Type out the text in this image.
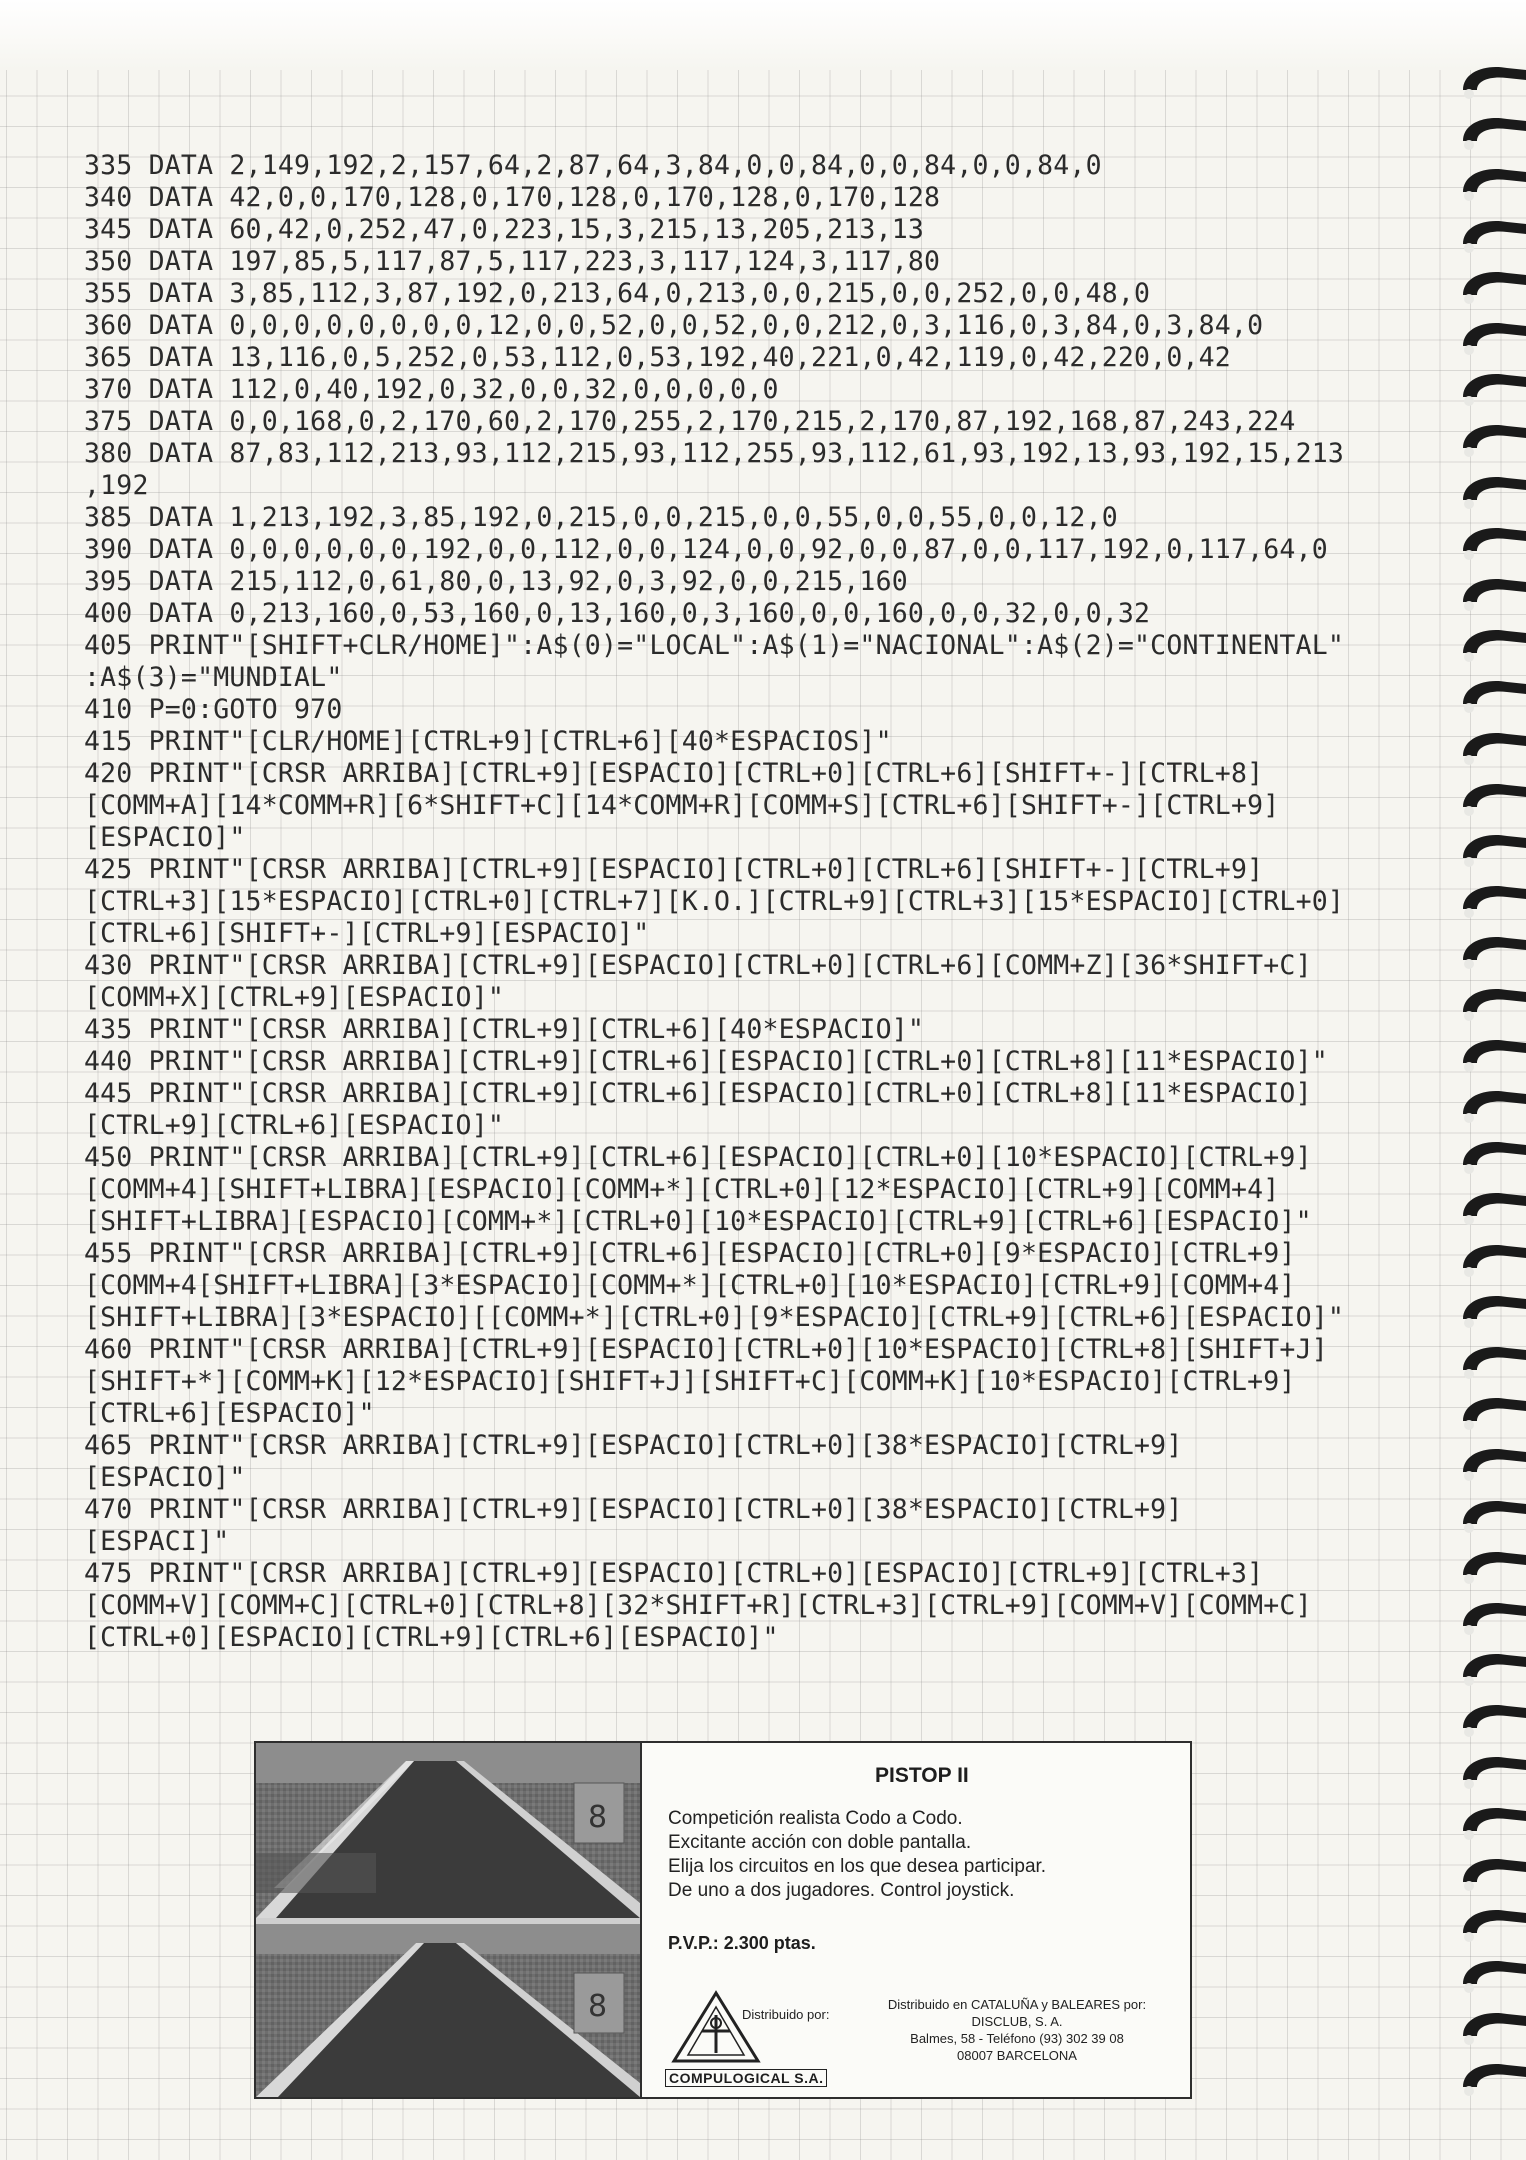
335 DATA 2,149,192,2,157,64,2,87,64,3,84,0,0,84,0,0,84,0,0,84,0
340 DATA 42,0,0,170,128,0,170,128,0,170,128,0,170,128
345 DATA 60,42,0,252,47,0,223,15,3,215,13,205,213,13
350 DATA 197,85,5,117,87,5,117,223,3,117,124,3,117,80
355 DATA 3,85,112,3,87,192,0,213,64,0,213,0,0,215,0,0,252,0,0,48,0
360 DATA 0,0,0,0,0,0,0,0,12,0,0,52,0,0,52,0,0,212,0,3,116,0,3,84,0,3,84,0
365 DATA 13,116,0,5,252,0,53,112,0,53,192,40,221,0,42,119,0,42,220,0,42
370 DATA 112,0,40,192,0,32,0,0,32,0,0,0,0,0
375 DATA 0,0,168,0,2,170,60,2,170,255,2,170,215,2,170,87,192,168,87,243,224
380 DATA 87,83,112,213,93,112,215,93,112,255,93,112,61,93,192,13,93,192,15,213
,192
385 DATA 1,213,192,3,85,192,0,215,0,0,215,0,0,55,0,0,55,0,0,12,0
390 DATA 0,0,0,0,0,0,192,0,0,112,0,0,124,0,0,92,0,0,87,0,0,117,192,0,117,64,0
395 DATA 215,112,0,61,80,0,13,92,0,3,92,0,0,215,160
400 DATA 0,213,160,0,53,160,0,13,160,0,3,160,0,0,160,0,0,32,0,0,32
405 PRINT"[SHIFT+CLR/HOME]":A$(0)="LOCAL":A$(1)="NACIONAL":A$(2)="CONTINENTAL"
:A$(3)="MUNDIAL"
410 P=0:GOTO 970
415 PRINT"[CLR/HOME][CTRL+9][CTRL+6][40*ESPACIOS]"
420 PRINT"[CRSR ARRIBA][CTRL+9][ESPACIO][CTRL+0][CTRL+6][SHIFT+-][CTRL+8]
[COMM+A][14*COMM+R][6*SHIFT+C][14*COMM+R][COMM+S][CTRL+6][SHIFT+-][CTRL+9]
[ESPACIO]"
425 PRINT"[CRSR ARRIBA][CTRL+9][ESPACIO][CTRL+0][CTRL+6][SHIFT+-][CTRL+9]
[CTRL+3][15*ESPACIO][CTRL+0][CTRL+7][K.O.][CTRL+9][CTRL+3][15*ESPACIO][CTRL+0]
[CTRL+6][SHIFT+-][CTRL+9][ESPACIO]"
430 PRINT"[CRSR ARRIBA][CTRL+9][ESPACIO][CTRL+0][CTRL+6][COMM+Z][36*SHIFT+C]
[COMM+X][CTRL+9][ESPACIO]"
435 PRINT"[CRSR ARRIBA][CTRL+9][CTRL+6][40*ESPACIO]"
440 PRINT"[CRSR ARRIBA][CTRL+9][CTRL+6][ESPACIO][CTRL+0][CTRL+8][11*ESPACIO]"
445 PRINT"[CRSR ARRIBA][CTRL+9][CTRL+6][ESPACIO][CTRL+0][CTRL+8][11*ESPACIO]
[CTRL+9][CTRL+6][ESPACIO]"
450 PRINT"[CRSR ARRIBA][CTRL+9][CTRL+6][ESPACIO][CTRL+0][10*ESPACIO][CTRL+9]
[COMM+4][SHIFT+LIBRA][ESPACIO][COMM+*][CTRL+0][12*ESPACIO][CTRL+9][COMM+4]
[SHIFT+LIBRA][ESPACIO][COMM+*][CTRL+0][10*ESPACIO][CTRL+9][CTRL+6][ESPACIO]"
455 PRINT"[CRSR ARRIBA][CTRL+9][CTRL+6][ESPACIO][CTRL+0][9*ESPACIO][CTRL+9]
[COMM+4[SHIFT+LIBRA][3*ESPACIO][COMM+*][CTRL+0][10*ESPACIO][CTRL+9][COMM+4]
[SHIFT+LIBRA][3*ESPACIO][[COMM+*][CTRL+0][9*ESPACIO][CTRL+9][CTRL+6][ESPACIO]"
460 PRINT"[CRSR ARRIBA][CTRL+9][ESPACIO][CTRL+0][10*ESPACIO][CTRL+8][SHIFT+J]
[SHIFT+*][COMM+K][12*ESPACIO][SHIFT+J][SHIFT+C][COMM+K][10*ESPACIO][CTRL+9]
[CTRL+6][ESPACIO]"
465 PRINT"[CRSR ARRIBA][CTRL+9][ESPACIO][CTRL+0][38*ESPACIO][CTRL+9]
[ESPACIO]"
470 PRINT"[CRSR ARRIBA][CTRL+9][ESPACIO][CTRL+0][38*ESPACIO][CTRL+9]
[ESPACI]"
475 PRINT"[CRSR ARRIBA][CTRL+9][ESPACIO][CTRL+0][ESPACIO][CTRL+9][CTRL+3]
[COMM+V][COMM+C][CTRL+0][CTRL+8][32*SHIFT+R][CTRL+3][CTRL+9][COMM+V][COMM+C]
[CTRL+0][ESPACIO][CTRL+9][CTRL+6][ESPACIO]"
8
8
PISTOP II
Competición realista Codo a Codo.
Excitante acción con doble pantalla.
Elija los circuitos en los que desea participar.
De uno a dos jugadores. Control joystick.
P.V.P.: 2.300 ptas.
Distribuido por:
COMPULOGICAL S.A.
Distribuido en CATALUÑA y BALEARES por:
DISCLUB, S. A.
Balmes, 58 - Teléfono (93) 302 39 08
08007 BARCELONA
